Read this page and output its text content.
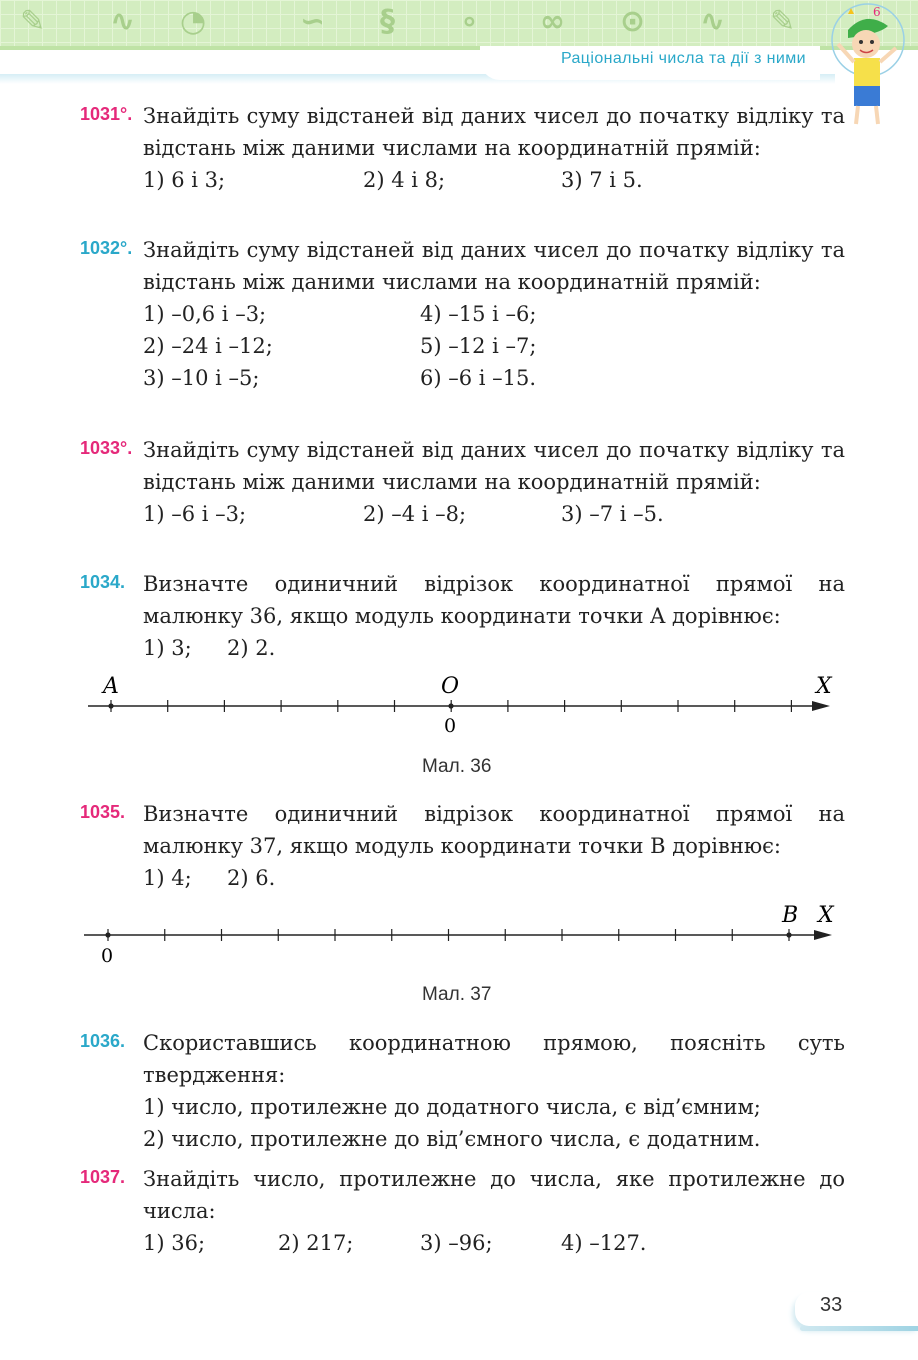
✎ ∿ ◔	∽ § ∘ ∞ ⊙ ∿ ✎
Раціональні числа та дії з ними
6
1031°. Знайдіть суму відстаней від даних чисел до початку відліку та відстань між даними числами на координатній прямій:
1) 6 і 3;	2) 4 і 8;	3) 7 і 5.
1032°. Знайдіть суму відстаней від даних чисел до початку відліку та відстань між даними числами на координатній прямій:
1) –0,6 і –3;	4) –15 і –6;
2) –24 і –12;	5) –12 і –7;
3) –10 і –5;	6) –6 і –15.
1033°. Знайдіть суму відстаней від даних чисел до початку відліку та відстань між даними числами на координатній прямій:
1) –6 і –3;	2) –4 і –8;	3) –7 і –5.
1034. Визначте одиничний відрізок координатної прямої на малюнку 36, якщо модуль координати точки A дорівнює:
1) 3; 2) 2.
A	O	X
0
Мал. 36
1035. Визначте одиничний відрізок координатної прямої на малюнку 37, якщо модуль координати точки B дорівнює:
1) 4; 2) 6.
B X
0
Мал. 37
1036. Скориставшись координатною прямою, поясніть суть твердження:
1) число, протилежне до додатного числа, є від’ємним;
2) число, протилежне до від’ємного числа, є додатним.
1037. Знайдіть число, протилежне до числа, яке протилежне до числа:
1) 36;	2) 217;	3) –96;	4) –127.
33
